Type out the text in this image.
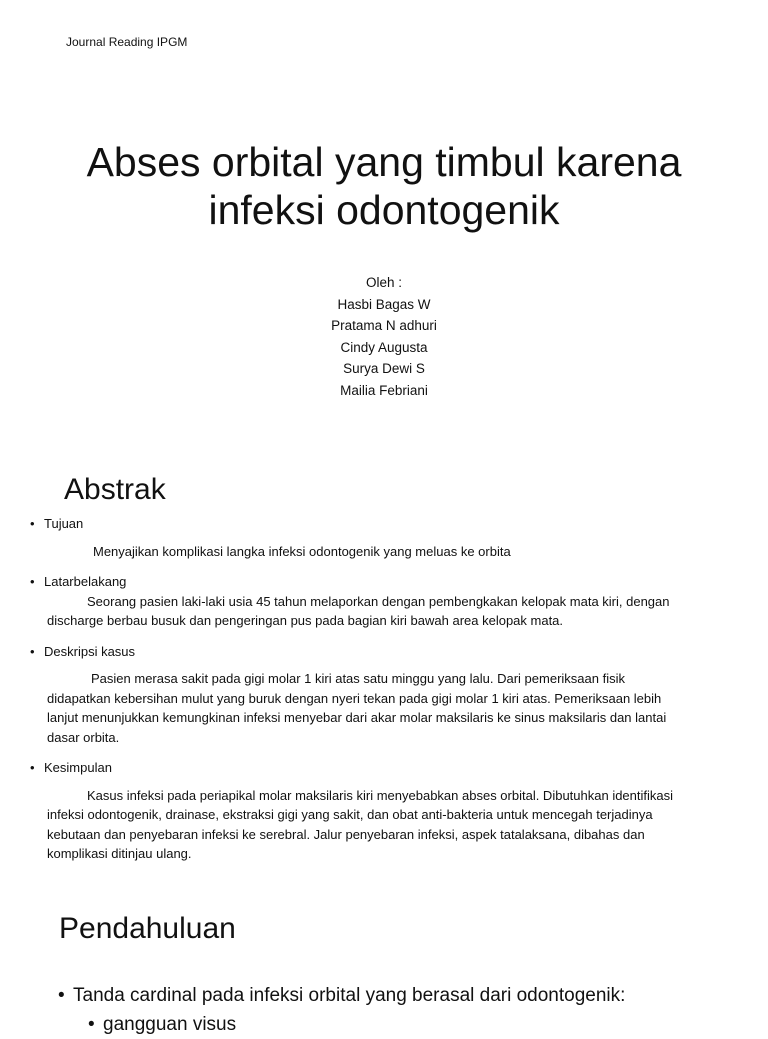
Journal Reading IPGM
Abses orbital yang timbul karena
infeksi odontogenik
Oleh :
Hasbi Bagas W
Pratama N adhuri
Cindy Augusta
Surya Dewi S
Mailia Febriani
Abstrak
• Tujuan

Menyajikan komplikasi langka infeksi odontogenik yang meluas ke orbita

• Latarbelakang

Seorang pasien laki-laki usia 45 tahun melaporkan dengan pembengkakan kelopak mata kiri, dengan
discharge berbau busuk dan pengeringan pus pada bagian kiri bawah area kelopak mata.

• Deskripsi kasus

Pasien merasa sakit pada gigi molar 1 kiri atas satu minggu yang lalu. Dari pemeriksaan fisik
didapatkan kebersihan mulut yang buruk dengan nyeri tekan pada gigi molar 1 kiri atas. Pemeriksaan lebih
lanjut menunjukkan kemungkinan infeksi menyebar dari akar molar maksilaris ke sinus maksilaris dan lantai
dasar orbita.

• Kesimpulan

Kasus infeksi pada periapikal molar maksilaris kiri menyebabkan abses orbital. Dibutuhkan identifikasi
infeksi odontogenik, drainase, ekstraksi gigi yang sakit, dan obat anti-bakteria untuk mencegah terjadinya
kebutaan dan penyebaran infeksi ke serebral. Jalur penyebaran infeksi, aspek tatalaksana, dibahas dan
komplikasi ditinjau ulang.

Pendahuluan
• Tanda cardinal pada infeksi orbital yang berasal dari odontogenik:
• gangguan visus
